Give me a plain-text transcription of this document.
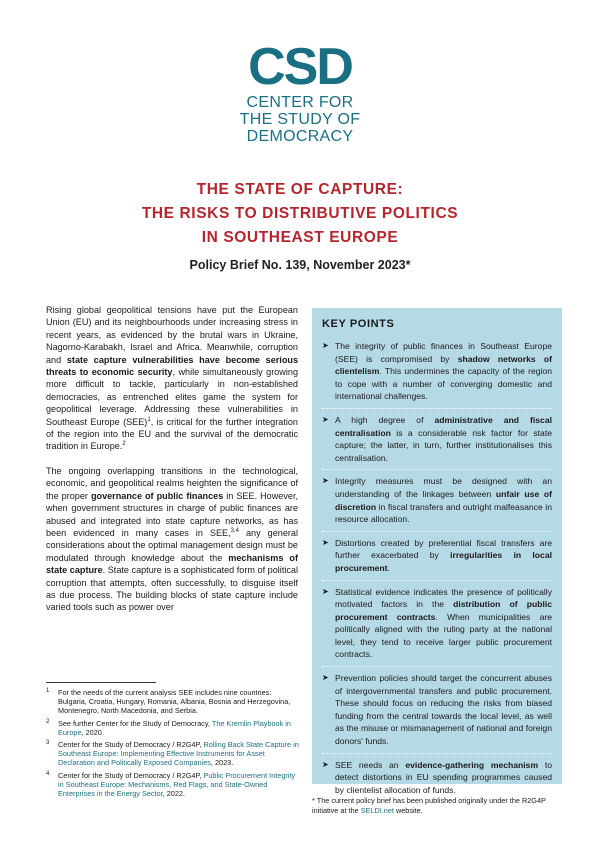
CSD
CENTER FOR
THE STUDY OF
DEMOCRACY
THE STATE OF CAPTURE:
THE RISKS TO DISTRIBUTIVE POLITICS
IN SOUTHEAST EUROPE
Policy Brief No. 139, November 2023*

Rising global geopolitical tensions have put the European Union (EU) and its neighbourhoods under increasing stress in recent years, as evidenced by the brutal wars in Ukraine, Nagorno-Karabakh, Israel and Africa. Meanwhile, corruption and state capture vulnerabilities have become serious threats to economic security, while simultaneously growing more difficult to tackle, particularly in non-established democracies, as entrenched elites game the system for geopolitical leverage. Addressing these vulnerabilities in Southeast Europe (SEE)$^1$, is critical for the further integration of the region into the EU and the survival of the democratic tradition in Europe.$^2$

The ongoing overlapping transitions in the technological, economic, and geopolitical realms heighten the significance of the proper governance of public finances in SEE. However, when government structures in charge of public finances are abused and integrated into state capture networks, as has been evidenced in many cases in SEE,$^{3,4}$ any general considerations about the optimal management design must be modulated through knowledge about the mechanisms of state capture. State capture is a sophisticated form of political corruption that attempts, often successfully, to disguise itself as due process. The building blocks of state capture include varied tools such as power over

1 For the needs of the current analysis SEE includes nine countries: Bulgaria, Croatia, Hungary, Romania, Albania, Bosnia and Herzegovina, Montenegro, North Macedonia, and Serbia.
2 See further Center for the Study of Democracy, The Kremlin Playbook in Europe, 2020.
3 Center for the Study of Democracy / R2G4P, Rolling Back State Capture in Southeast Europe: Implementing Effective Instruments for Asset Declaration and Politically Exposed Companies, 2023.
4 Center for the Study of Democracy / R2G4P, Public Procurement Integrity in Southeast Europe: Mechanisms, Red Flags, and State-Owned Enterprises in the Energy Sector, 2022.
KEY POINTS
➤ The integrity of public finances in Southeast Europe (SEE) is compromised by shadow networks of clientelism. This undermines the capacity of the region to cope with a number of converging domestic and international challenges.
➤ A high degree of administrative and fiscal centralisation is a considerable risk factor for state capture; the latter, in turn, further institutionalises this centralisation.
➤ Integrity measures must be designed with an understanding of the linkages between unfair use of discretion in fiscal transfers and outright malfeasance in resource allocation.
➤ Distortions created by preferential fiscal transfers are further exacerbated by irregularities in local procurement.
➤ Statistical evidence indicates the presence of politically motivated factors in the distribution of public procurement contracts. When municipalities are politically aligned with the ruling party at the national level, they tend to receive larger public procurement contracts.
➤ Prevention policies should target the concurrent abuses of intergovernmental transfers and public procurement. These should focus on reducing the risks from biased funding from the central towards the local level, as well as the misuse or mismanagement of national and foreign donors' funds.
➤ SEE needs an evidence-gathering mechanism to detect distortions in EU spending programmes caused by clientelist allocation of funds.
* The current policy brief has been published originally under the R2G4P initiative at the SELDI.net website.
